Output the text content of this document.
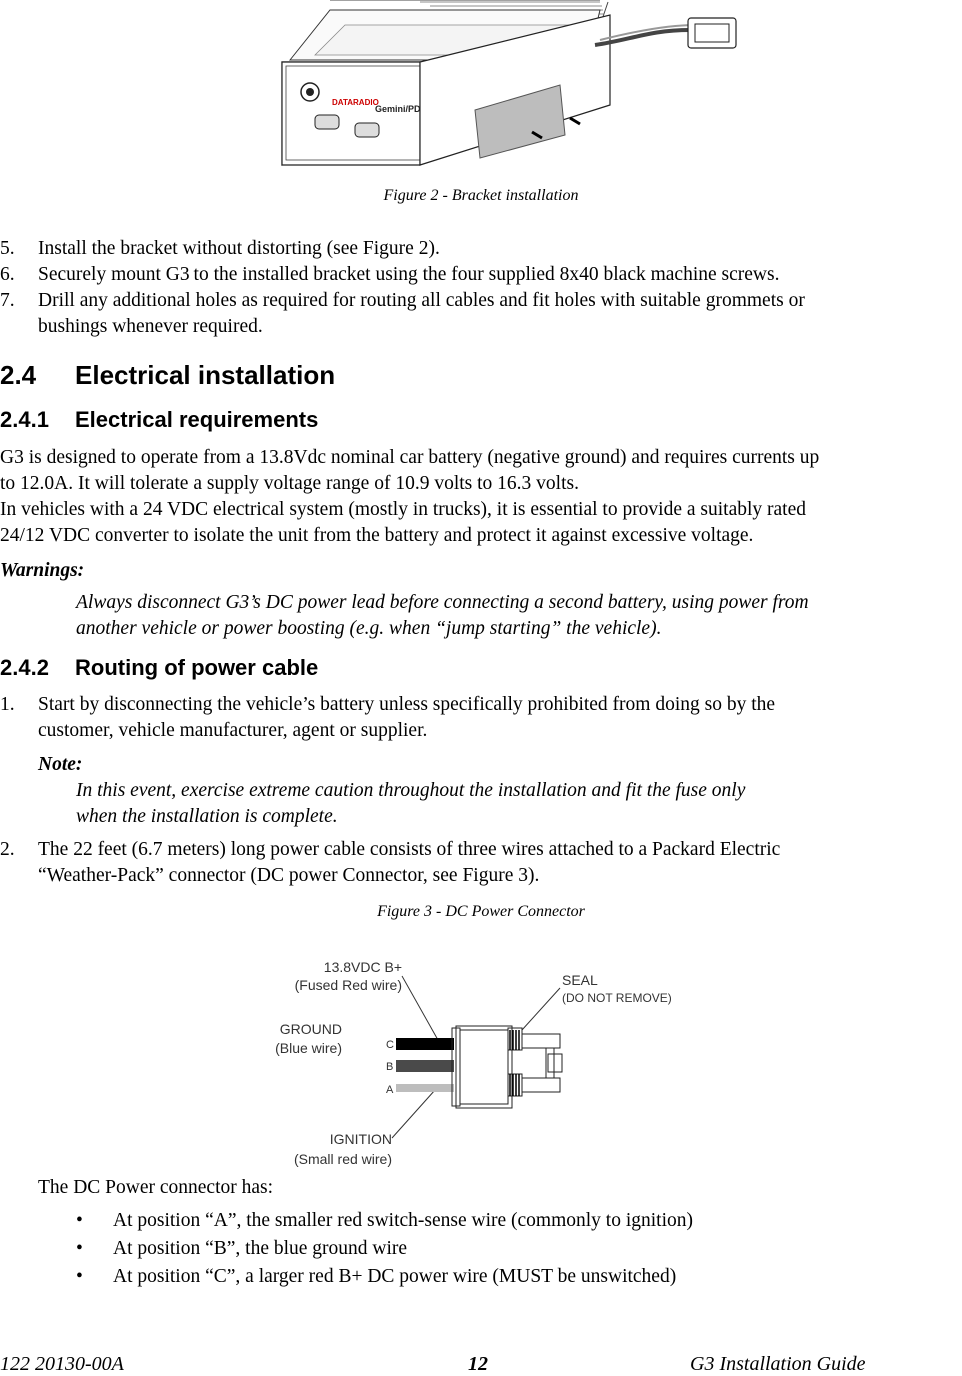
DATARADIO
Gemini/PD
Figure 2 - Bracket installation
5. Install the bracket without distorting (see Figure 2).
6. Securely mount G3 to the installed bracket using the four supplied 8x40 black machine screws.
7. Drill any additional holes as required for routing all cables and fit holes with suitable grommets or
bushings whenever required.
2.4 Electrical installation
2.4.1 Electrical requirements
G3 is designed to operate from a 13.8Vdc nominal car battery (negative ground) and requires currents up
to 12.0A. It will tolerate a supply voltage range of 10.9 volts to 16.3 volts.
In vehicles with a 24 VDC electrical system (mostly in trucks), it is essential to provide a suitably rated
24/12 VDC converter to isolate the unit from the battery and protect it against excessive voltage.
Warnings:
Always disconnect G3’s DC power lead before connecting a second battery, using power from
another vehicle or power boosting (e.g. when “jump starting” the vehicle).
2.4.2 Routing of power cable
1. Start by disconnecting the vehicle’s battery unless specifically prohibited from doing so by the
customer, vehicle manufacturer, agent or supplier.
Note:
In this event, exercise extreme caution throughout the installation and fit the fuse only
when the installation is complete.
2. The 22 feet (6.7 meters) long power cable consists of three wires attached to a Packard Electric
“Weather-Pack” connector (DC power Connector, see Figure 3).
Figure 3 - DC Power Connector
13.8VDC B+
(Fused Red wire)	SEAL
(DO NOT REMOVE)
GROUND
(Blue wire)
IGNITION
(Small red wire)
C
B
A
The DC Power connector has:
• At position “A”, the smaller red switch-sense wire (commonly to ignition)
• At position “B”, the blue ground wire
• At position “C”, a larger red B+ DC power wire (MUST be unswitched)
122 20130-00A	12	G3 Installation Guide
